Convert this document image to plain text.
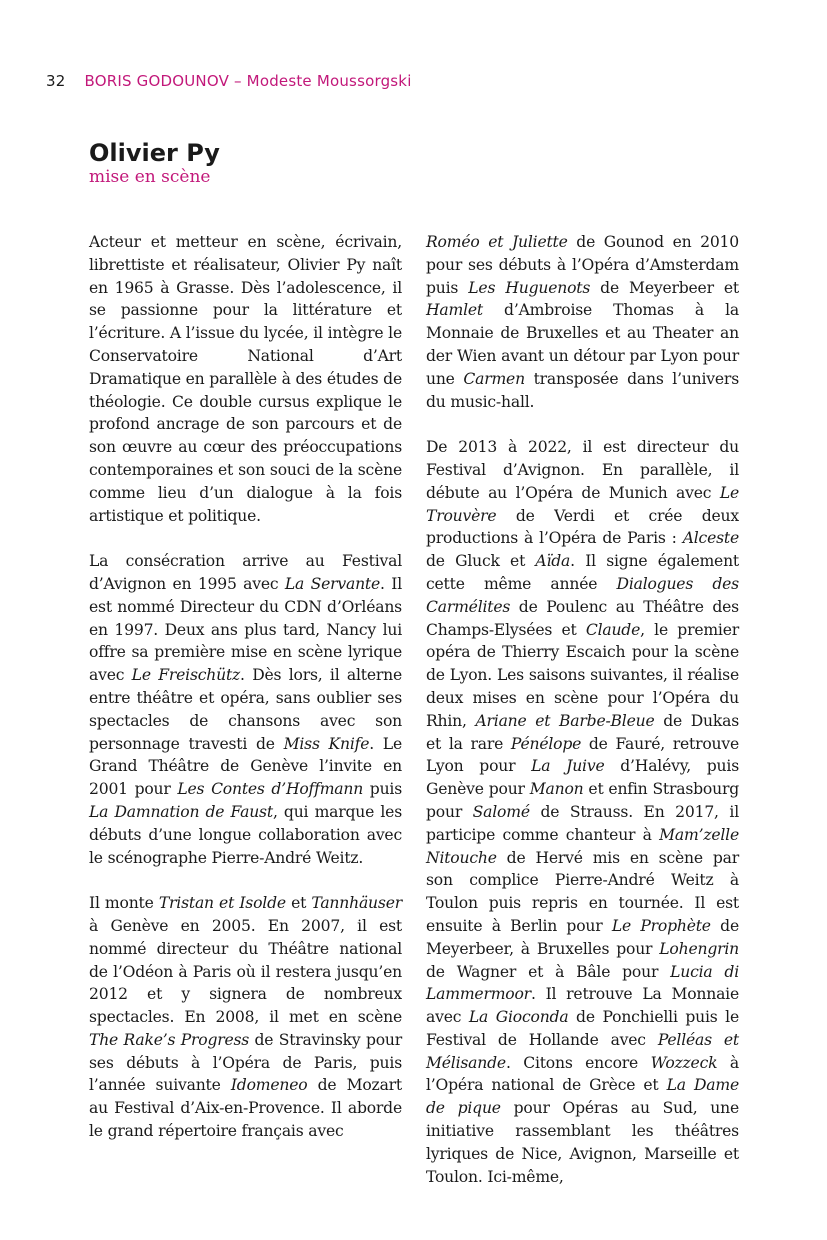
32 BORIS GODOUNOV – Modeste Moussorgski
Olivier Py
mise en scène

Acteur et metteur en scène, écrivain, librettiste et réalisateur, Olivier Py naît en 1965 à Grasse. Dès l’adolescence, il se passionne pour la littérature et l’écriture. A l’issue du lycée, il intègre le Conservatoire National d’Art Dramatique en parallèle à des études de théologie. Ce double cursus explique le profond ancrage de son parcours et de son œuvre au cœur des préoccupations contemporaines et son souci de la scène comme lieu d’un dialogue à la fois artistique et politique.

La consécration arrive au Festival d’Avignon en 1995 avec La Servante. Il est nommé Directeur du CDN d’Orléans en 1997. Deux ans plus tard, Nancy lui offre sa première mise en scène lyrique avec Le Freischütz. Dès lors, il alterne entre théâtre et opéra, sans oublier ses spectacles de chansons avec son personnage travesti de Miss Knife. Le Grand Théâtre de Genève l’invite en 2001 pour Les Contes d’Hoffmann puis La Damnation de Faust, qui marque les débuts d’une longue collaboration avec le scénographe Pierre-André Weitz.

Il monte Tristan et Isolde et Tannhäuser à Genève en 2005. En 2007, il est nommé directeur du Théâtre national de l’Odéon à Paris où il restera jusqu’en 2012 et y signera de nombreux spectacles. En 2008, il met en scène The Rake’s Progress de Stravinsky pour ses débuts à l’Opéra de Paris, puis l’année suivante Idomeneo de Mozart au Festival d’Aix-en-Provence. Il aborde le grand répertoire français avec

Roméo et Juliette de Gounod en 2010 pour ses débuts à l’Opéra d’Amsterdam puis Les Huguenots de Meyerbeer et Hamlet d’Ambroise Thomas à la Monnaie de Bruxelles et au Theater an der Wien avant un détour par Lyon pour une Carmen transposée dans l’univers du music-hall.

De 2013 à 2022, il est directeur du Festival d’Avignon. En parallèle, il débute au l’Opéra de Munich avec Le Trouvère de Verdi et crée deux productions à l’Opéra de Paris : Alceste de Gluck et Aïda. Il signe également cette même année Dialogues des Carmélites de Poulenc au Théâtre des Champs-Elysées et Claude, le premier opéra de Thierry Escaich pour la scène de Lyon. Les saisons suivantes, il réalise deux mises en scène pour l’Opéra du Rhin, Ariane et Barbe-Bleue de Dukas et la rare Pénélope de Fauré, retrouve Lyon pour La Juive d’Halévy, puis Genève pour Manon et enfin Strasbourg pour Salomé de Strauss. En 2017, il participe comme chanteur à Mam’zelle Nitouche de Hervé mis en scène par son complice Pierre-André Weitz à Toulon puis repris en tournée. Il est ensuite à Berlin pour Le Prophète de Meyerbeer, à Bruxelles pour Lohengrin de Wagner et à Bâle pour Lucia di Lammermoor. Il retrouve La Monnaie avec La Gioconda de Ponchielli puis le Festival de Hollande avec Pelléas et Mélisande. Citons encore Wozzeck à l’Opéra national de Grèce et La Dame de pique pour Opéras au Sud, une initiative rassemblant les théâtres lyriques de Nice, Avignon, Marseille et Toulon. Ici-même,
